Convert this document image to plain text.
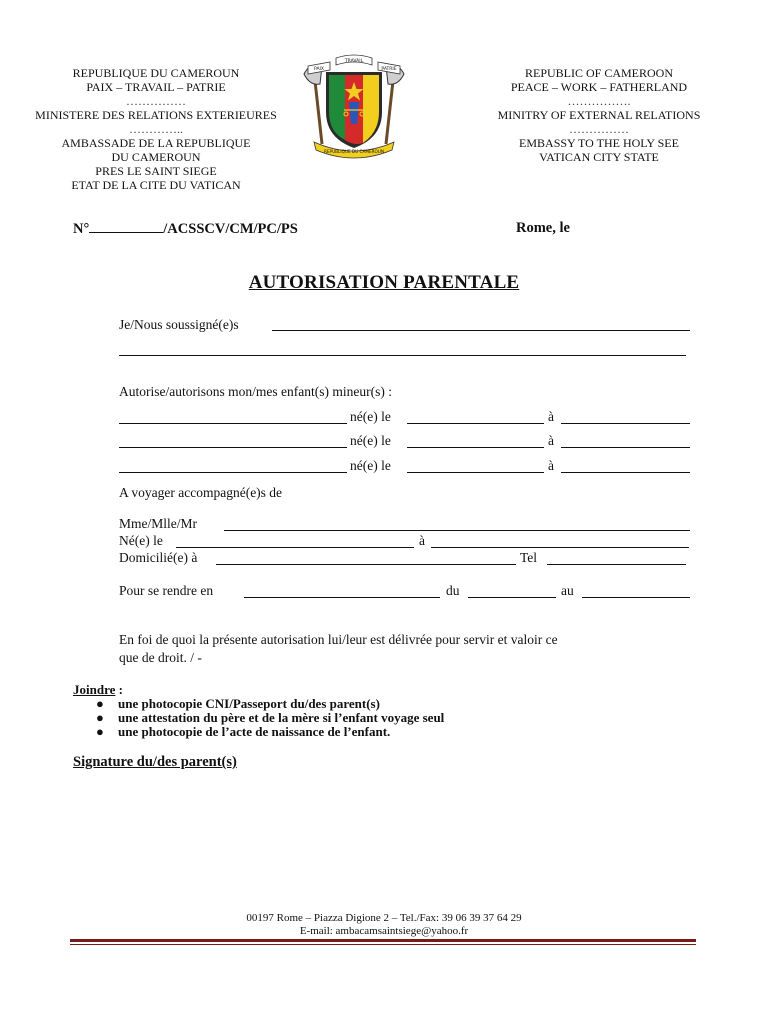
REPUBLIQUE DU CAMEROUN
PAIX – TRAVAIL – PATRIE
……………
MINISTERE DES RELATIONS EXTERIEURES
…………..
AMBASSADE DE LA REPUBLIQUE
DU CAMEROUN
PRES LE SAINT SIEGE
ETAT DE LA CITE DU VATICAN
PAIX
TRAVAIL
PATRIE
REPUBLIQUE DU CAMEROUN
REPUBLIC OF CAMEROON
PEACE – WORK – FATHERLAND
…………….
MINITRY OF EXTERNAL RELATIONS
……………
EMBASSY TO THE HOLY SEE
VATICAN CITY STATE
N°	/ACSSCV/CM/PC/PS	Rome, le
AUTORISATION PARENTALE
Je/Nous soussigné(e)s
Autorise/autorisons mon/mes enfant(s) mineur(s) :
né(e) le	à
né(e) le	à
né(e) le	à
A voyager accompagné(e)s de
Mme/Mlle/Mr
Né(e) le	à
Domicilié(e) à	Tel
Pour se rendre en	du	au
En foi de quoi la présente autorisation lui/leur est délivrée pour servir et valoir ce
que de droit. / -
Joindre :
● une photocopie CNI/Passeport du/des parent(s)
● une attestation du père et de la mère si l’enfant voyage seul
● une photocopie de l’acte de naissance de l’enfant.
Signature du/des parent(s)
00197 Rome – Piazza Digione 2 – Tel./Fax: 39 06 39 37 64 29
E-mail: ambacamsaintsiege@yahoo.fr
